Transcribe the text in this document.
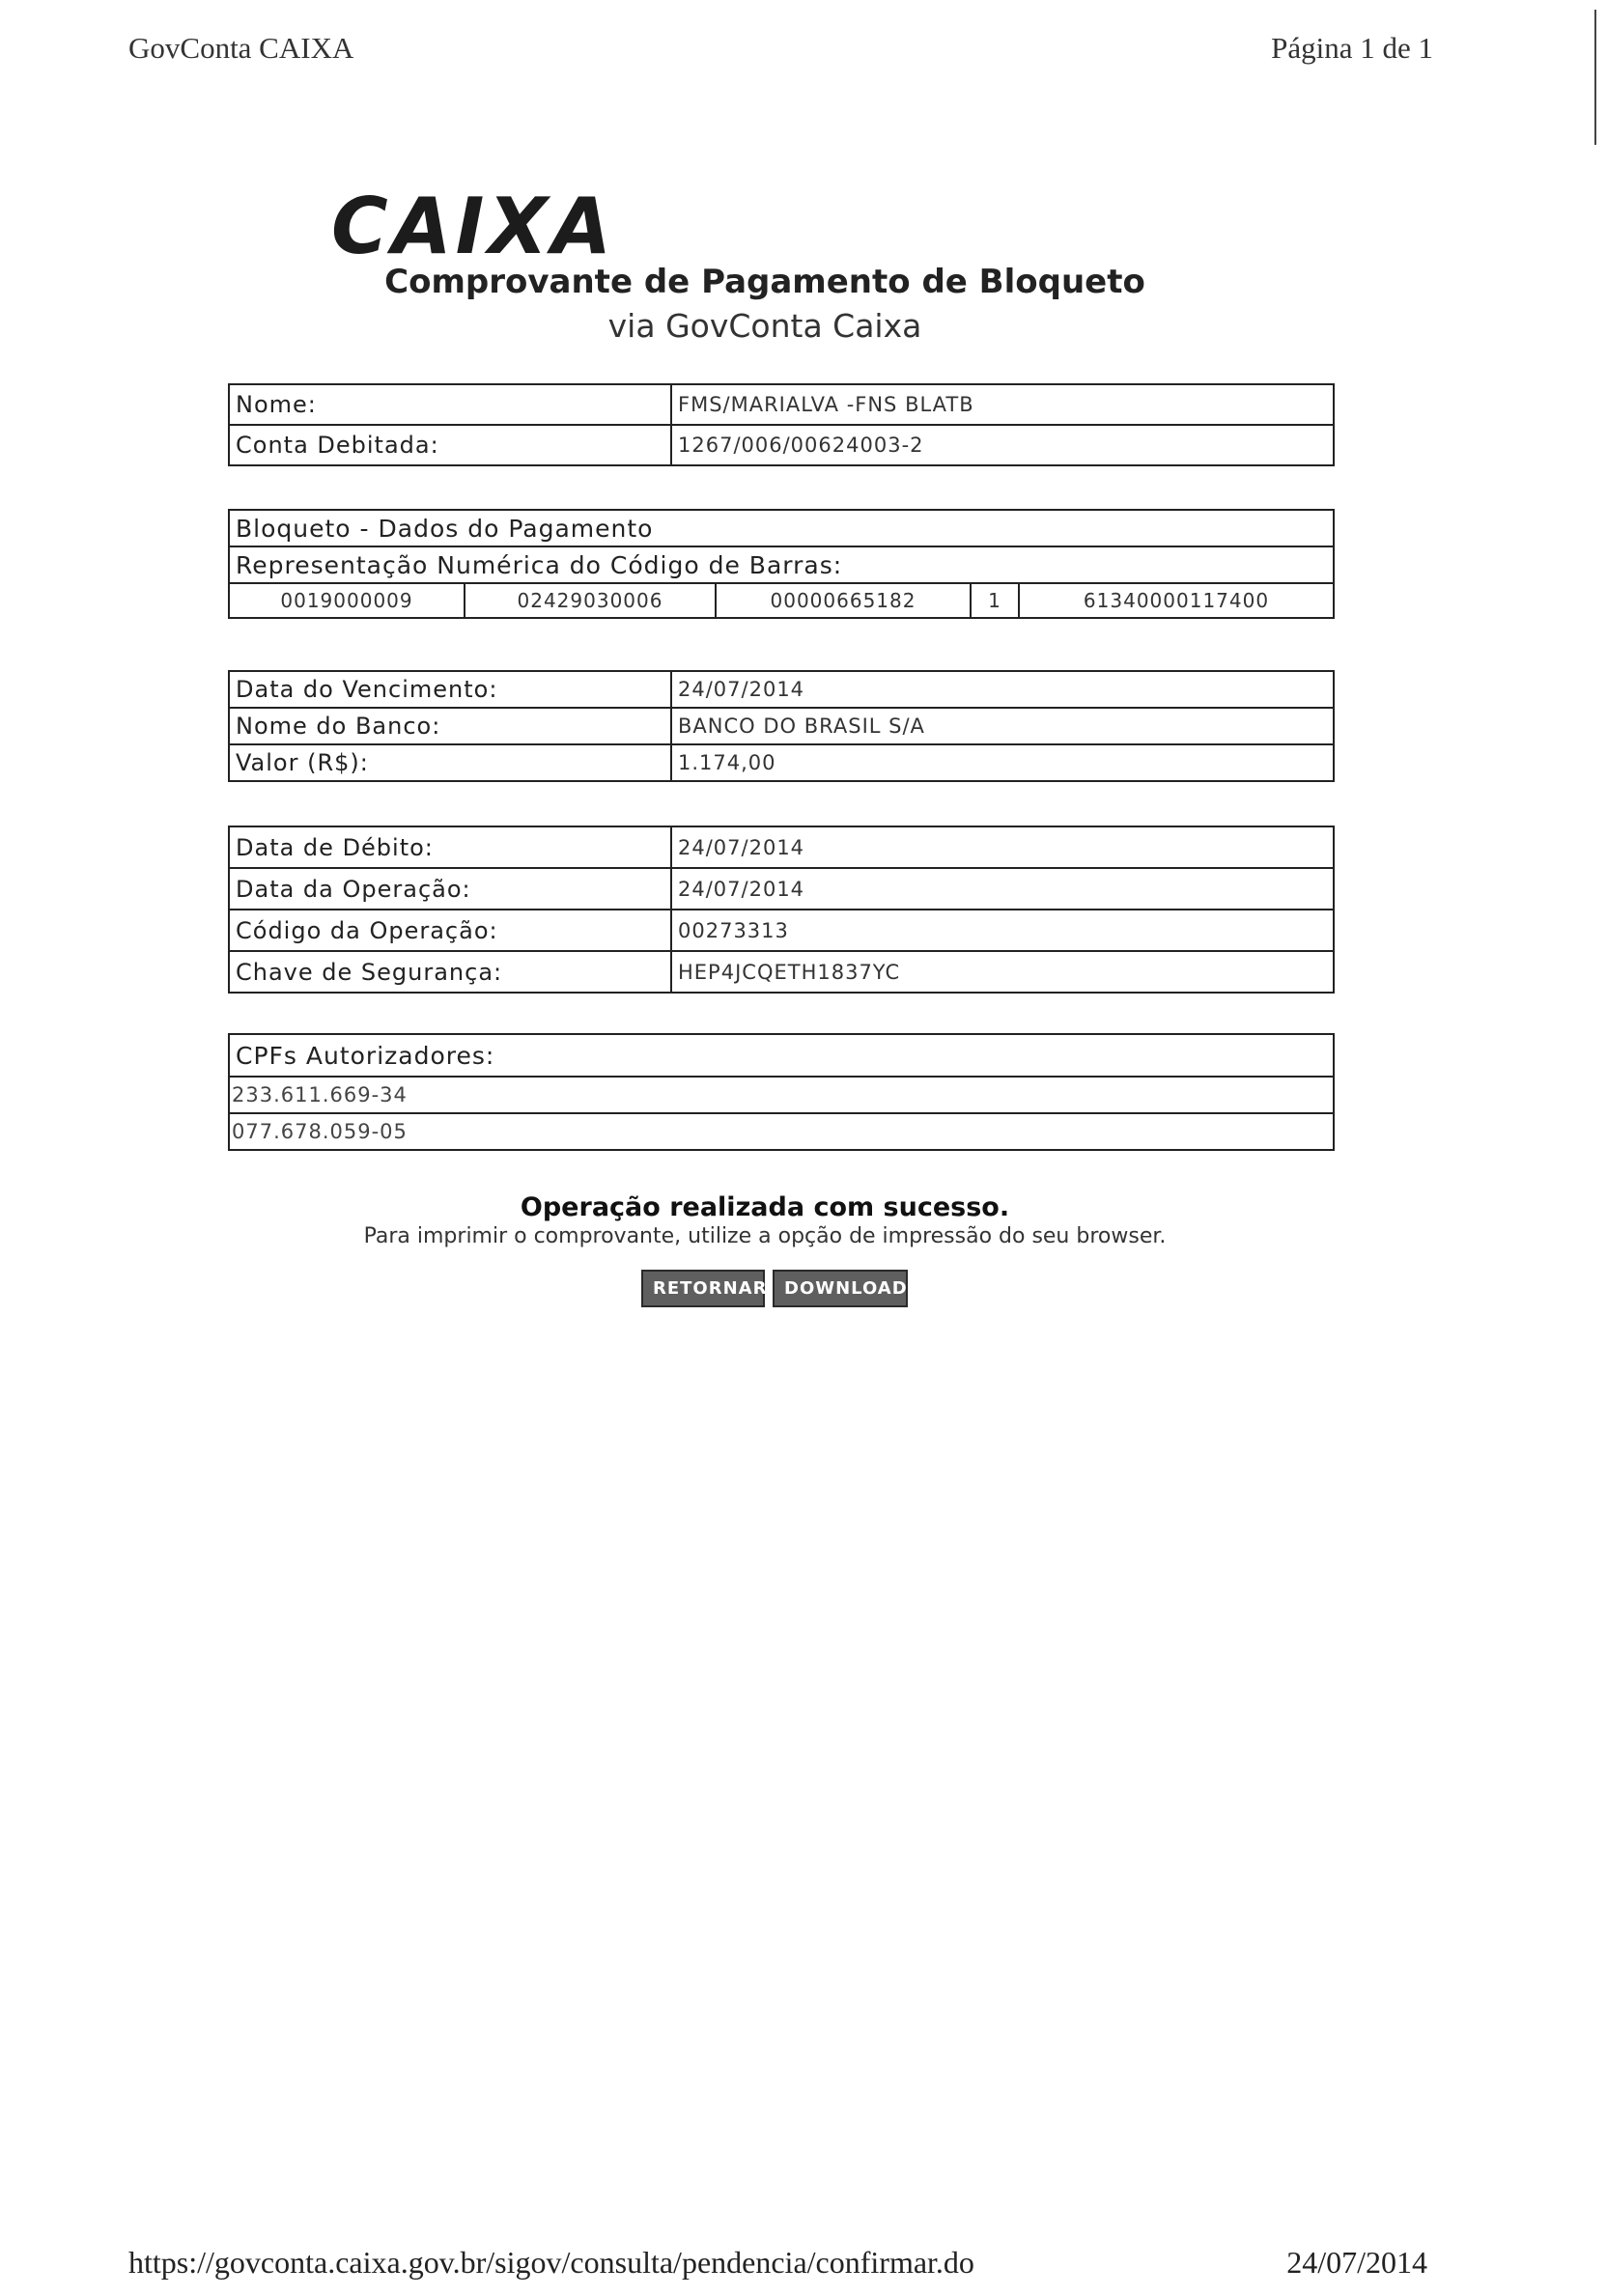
GovConta CAIXA	Página 1 de 1
CAIXA
Comprovante de Pagamento de Bloqueto
via GovConta Caixa
Nome:	FMS/MARIALVA -FNS BLATB
Conta Debitada:	1267/006/00624003-2
Bloqueto - Dados do Pagamento
Representação Numérica do Código de Barras:
0019000009	02429030006	00000665182	1	61340000117400
Data do Vencimento:	24/07/2014
Nome do Banco:	BANCO DO BRASIL S/A
Valor (R$):	1.174,00
Data de Débito:	24/07/2014
Data da Operação:	24/07/2014
Código da Operação:	00273313
Chave de Segurança:	HEP4JCQETH1837YC
CPFs Autorizadores:
233.611.669-34
077.678.059-05
Operação realizada com sucesso.
Para imprimir o comprovante, utilize a opção de impressão do seu browser.
RETORNAR DOWNLOAD
https://govconta.caixa.gov.br/sigov/consulta/pendencia/confirmar.do	24/07/2014
